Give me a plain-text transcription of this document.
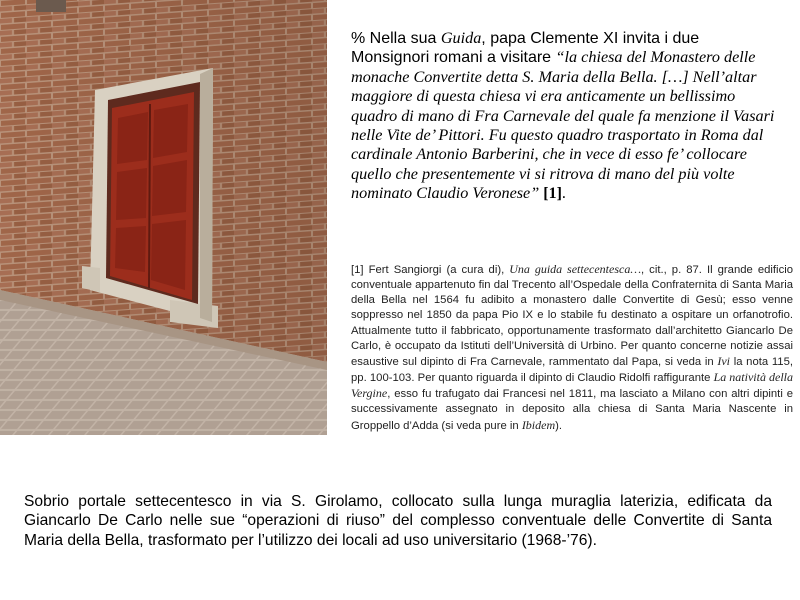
% Nella sua Guida, papa Clemente XI invita i due Monsignori romani a visitare “la chiesa del Monastero delle monache Convertite detta S. Maria della Bella. […] Nell’altar maggiore di questa chiesa vi era anticamente un bellissimo quadro di mano di Fra Carnevale del quale fa menzione il Vasari nelle Vite de’ Pittori. Fu questo quadro trasportato in Roma dal cardinale Antonio Barberini, che in vece di esso fe’ collocare quello che presentemente vi si ritrova di mano del più volte nominato Claudio Veronese” [1].
[1] Fert Sangiorgi (a cura di), Una guida settecentesca…, cit., p. 87. Il grande edificio conventuale appartenuto fin dal Trecento all’Ospedale della Confraternita di Santa Maria della Bella nel 1564 fu adibito a monastero dalle Convertite di Gesù; esso venne soppresso nel 1850 da papa Pio IX e lo stabile fu destinato a ospitare un orfanotrofio. Attualmente tutto il fabbricato, opportunamente trasformato dall’architetto Giancarlo De Carlo, è occupato da Istituti dell’Università di Urbino. Per quanto concerne notizie assai esaustive sul dipinto di Fra Carnevale, rammentato dal Papa, si veda in Ivi la nota 115, pp. 100-103. Per quanto riguarda il dipinto di Claudio Ridolfi raffigurante La natività della Vergine, esso fu trafugato dai Francesi nel 1811, ma lasciato a Milano con altri dipinti e successivamente assegnato in deposito alla chiesa di Santa Maria Nascente in Groppello d’Adda (si veda pure in Ibidem).
Sobrio portale settecentesco in via S. Girolamo, collocato sulla lunga muraglia laterizia, edificata da Giancarlo De Carlo nelle sue “operazioni di riuso” del complesso conventuale delle Convertite di Santa Maria della Bella, trasformato per l’utilizzo dei locali ad uso universitario (1968-’76).
